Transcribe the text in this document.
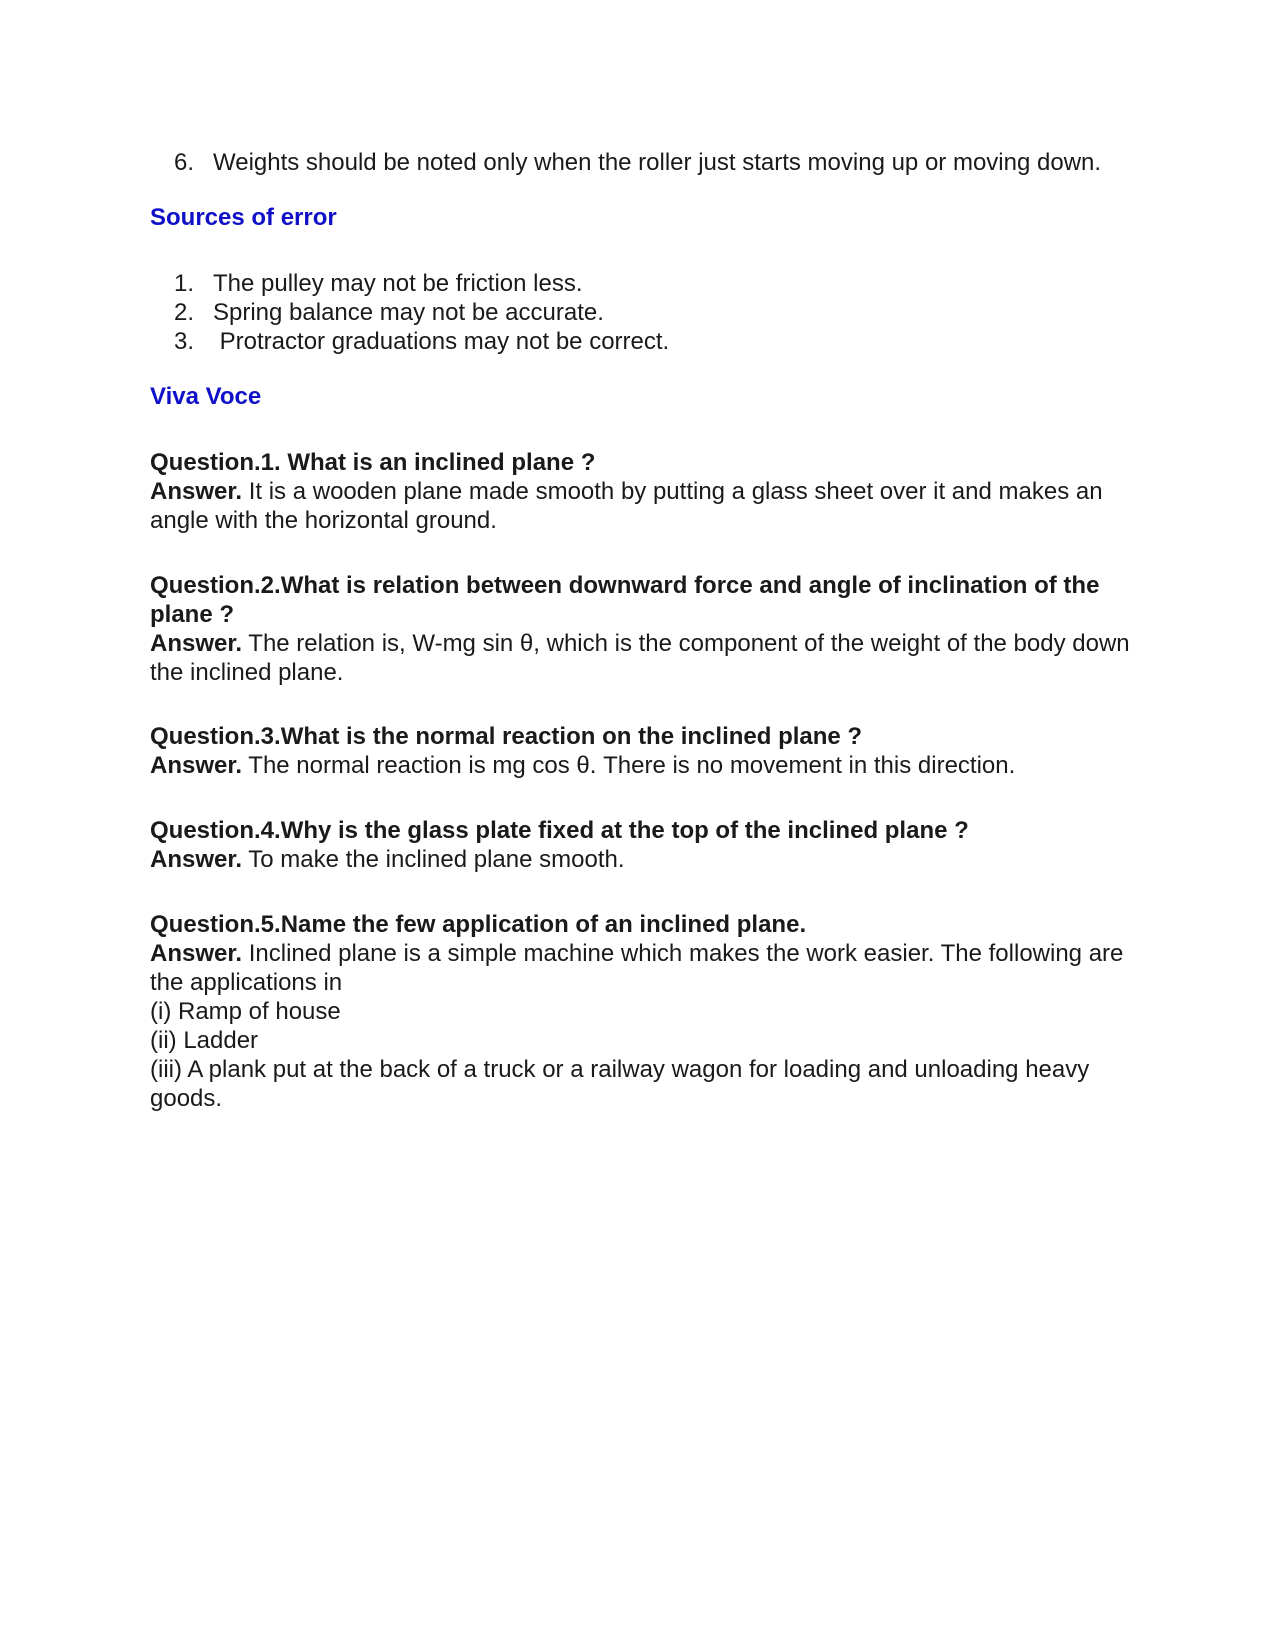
6. Weights should be noted only when the roller just starts moving up or moving down.
Sources of error
1. The pulley may not be friction less.
2. Spring balance may not be accurate.
3. Protractor graduations may not be correct.
Viva Voce
Question.1. What is an inclined plane ?
Answer. It is a wooden plane made smooth by putting a glass sheet over it and makes an angle with the horizontal ground.
Question.2.What is relation between downward force and angle of inclination of the plane ?
Answer. The relation is, W-mg sin θ, which is the component of the weight of the body down the inclined plane.
Question.3.What is the normal reaction on the inclined plane ?
Answer. The normal reaction is mg cos θ. There is no movement in this direction.
Question.4.Why is the glass plate fixed at the top of the inclined plane ?
Answer. To make the inclined plane smooth.
Question.5.Name the few application of an inclined plane.
Answer. Inclined plane is a simple machine which makes the work easier. The following are the applications in
(i) Ramp of house
(ii) Ladder
(iii) A plank put at the back of a truck or a railway wagon for loading and unloading heavy goods.
